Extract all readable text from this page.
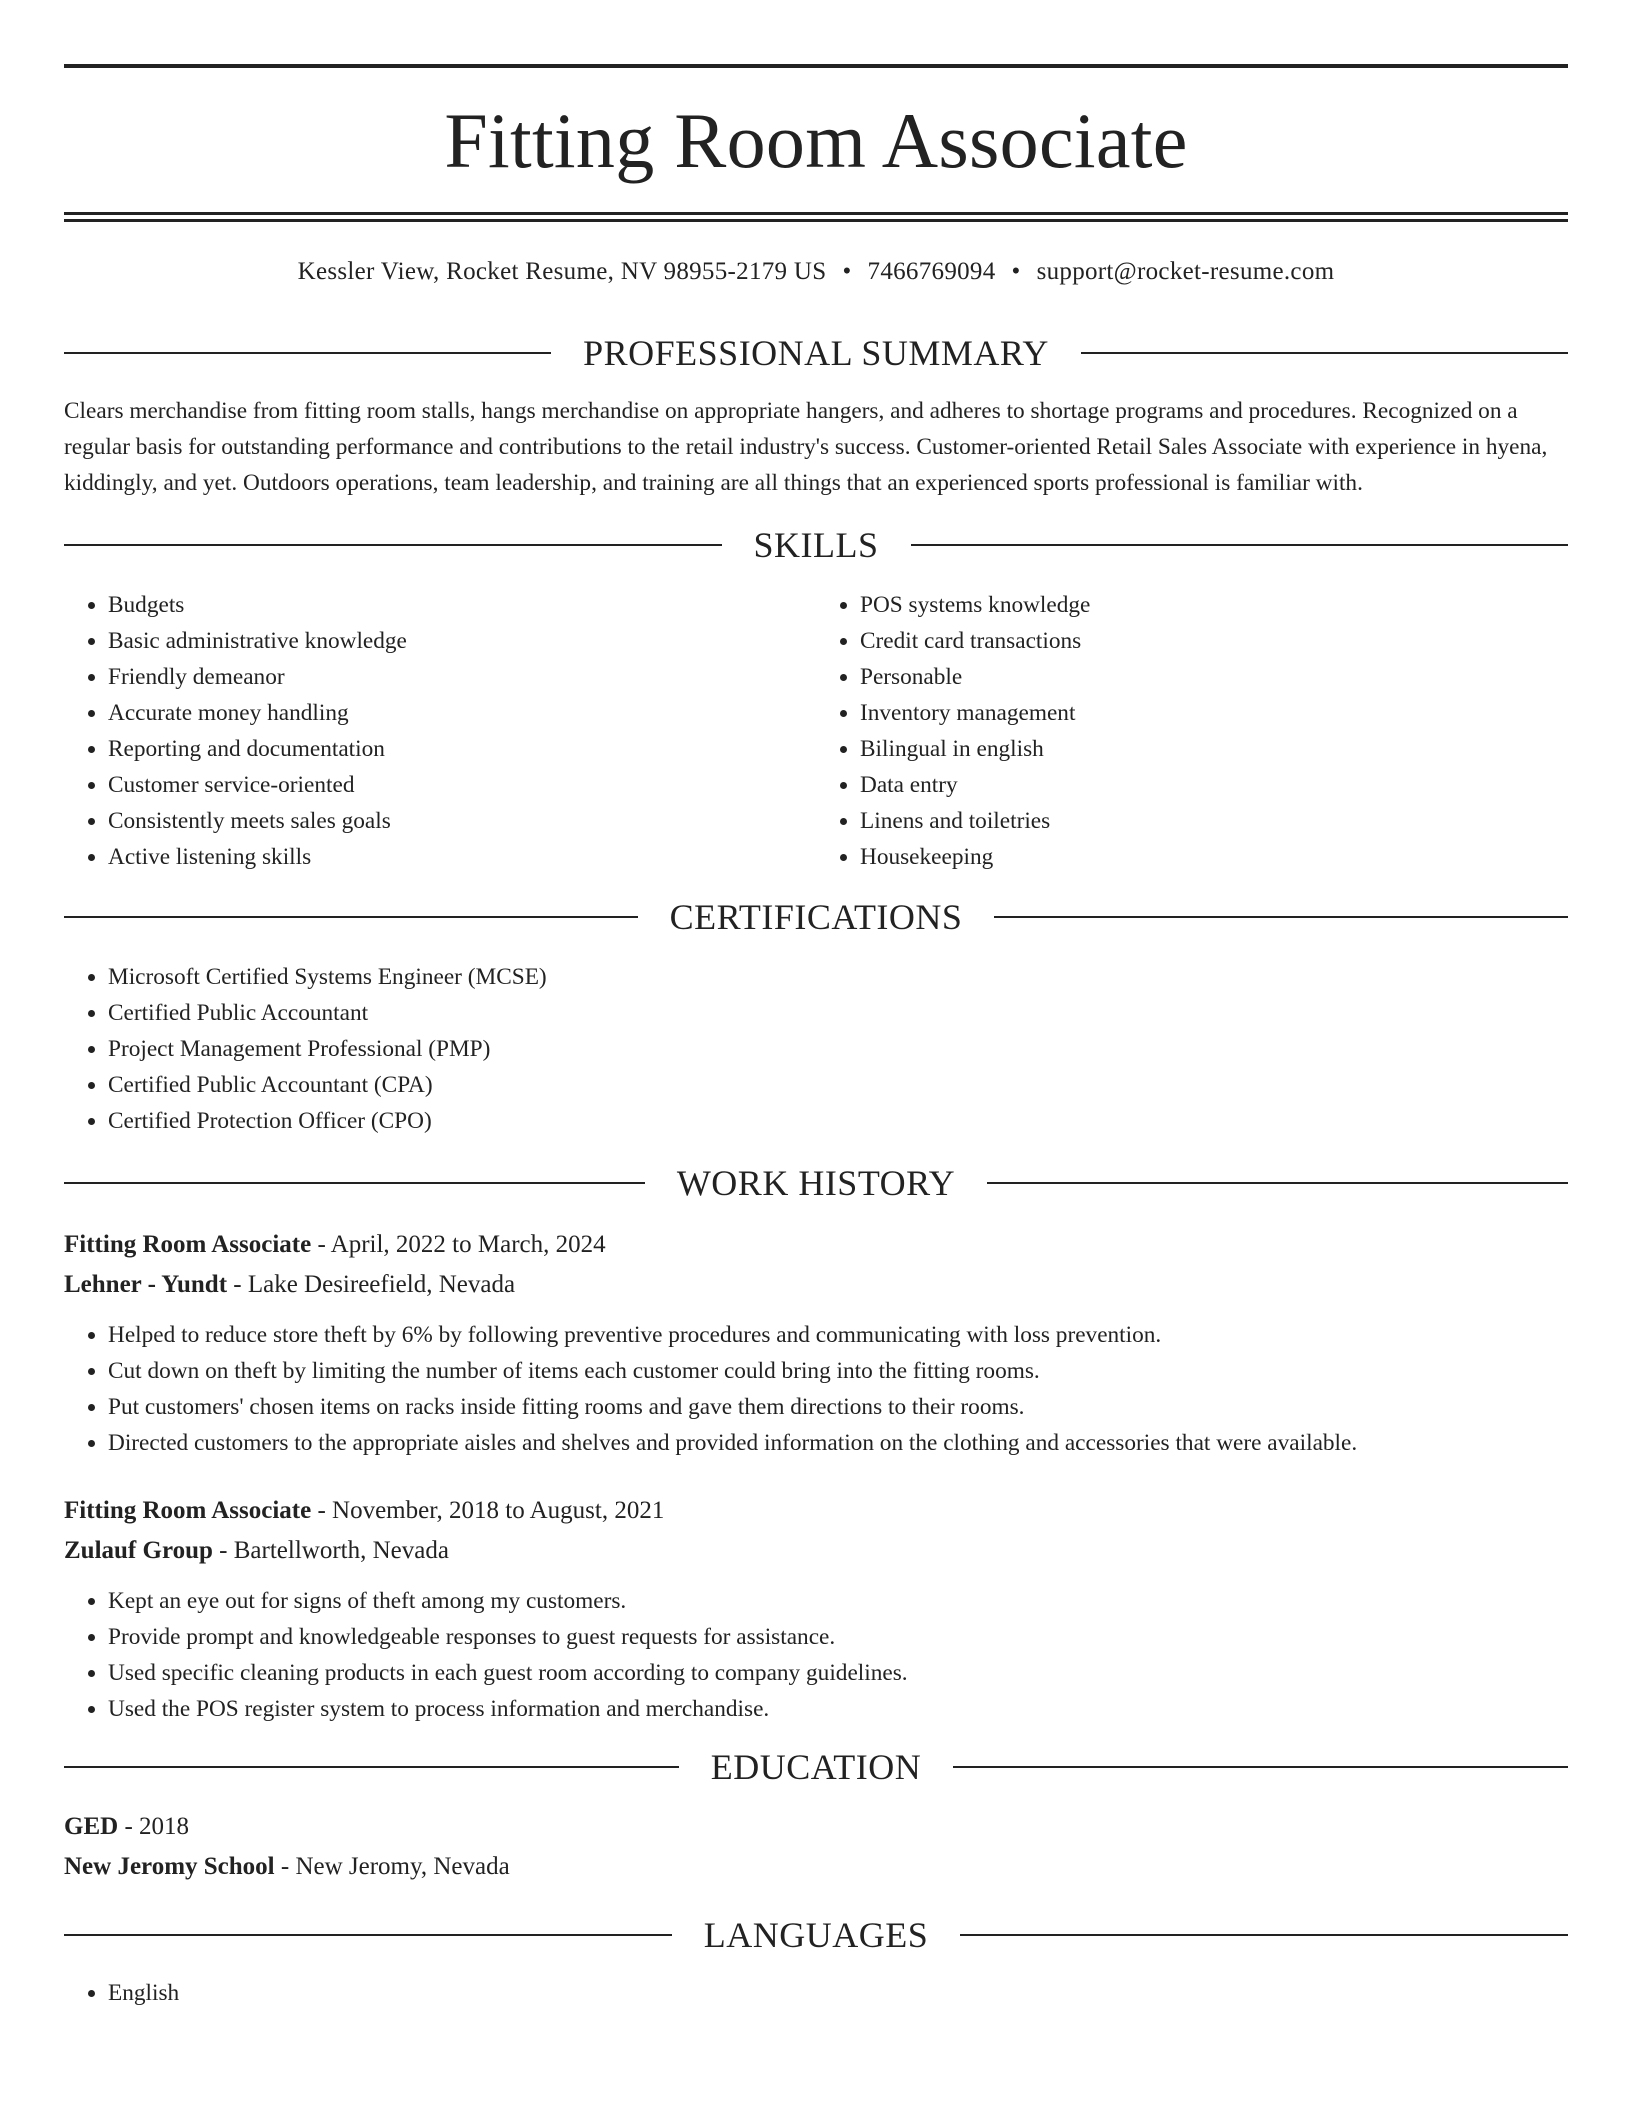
Fitting Room Associate
Kessler View, Rocket Resume, NV 98955-2179 US • 7466769094 • support@rocket-resume.com
PROFESSIONAL SUMMARY

Clears merchandise from fitting room stalls, hangs merchandise on appropriate hangers, and adheres to shortage programs and procedures. Recognized on a regular basis for outstanding performance and contributions to the retail industry's success. Customer-oriented Retail Sales Associate with experience in hyena, kiddingly, and yet. Outdoors operations, team leadership, and training are all things that an experienced sports professional is familiar with.

SKILLS
• Budgets
• Basic administrative knowledge
• Friendly demeanor
• Accurate money handling
• Reporting and documentation
• Customer service-oriented
• Consistently meets sales goals
• Active listening skills
• POS systems knowledge
• Credit card transactions
• Personable
• Inventory management
• Bilingual in english
• Data entry
• Linens and toiletries
• Housekeeping
CERTIFICATIONS
• Microsoft Certified Systems Engineer (MCSE)
• Certified Public Accountant
• Project Management Professional (PMP)
• Certified Public Accountant (CPA)
• Certified Protection Officer (CPO)
WORK HISTORY
Fitting Room Associate - April, 2022 to March, 2024
Lehner - Yundt - Lake Desireefield, Nevada
• Helped to reduce store theft by 6% by following preventive procedures and communicating with loss prevention.
• Cut down on theft by limiting the number of items each customer could bring into the fitting rooms.
• Put customers' chosen items on racks inside fitting rooms and gave them directions to their rooms.
• Directed customers to the appropriate aisles and shelves and provided information on the clothing and accessories that were available.
Fitting Room Associate - November, 2018 to August, 2021
Zulauf Group - Bartellworth, Nevada
• Kept an eye out for signs of theft among my customers.
• Provide prompt and knowledgeable responses to guest requests for assistance.
• Used specific cleaning products in each guest room according to company guidelines.
• Used the POS register system to process information and merchandise.
EDUCATION
GED - 2018
New Jeromy School - New Jeromy, Nevada
LANGUAGES
• English
